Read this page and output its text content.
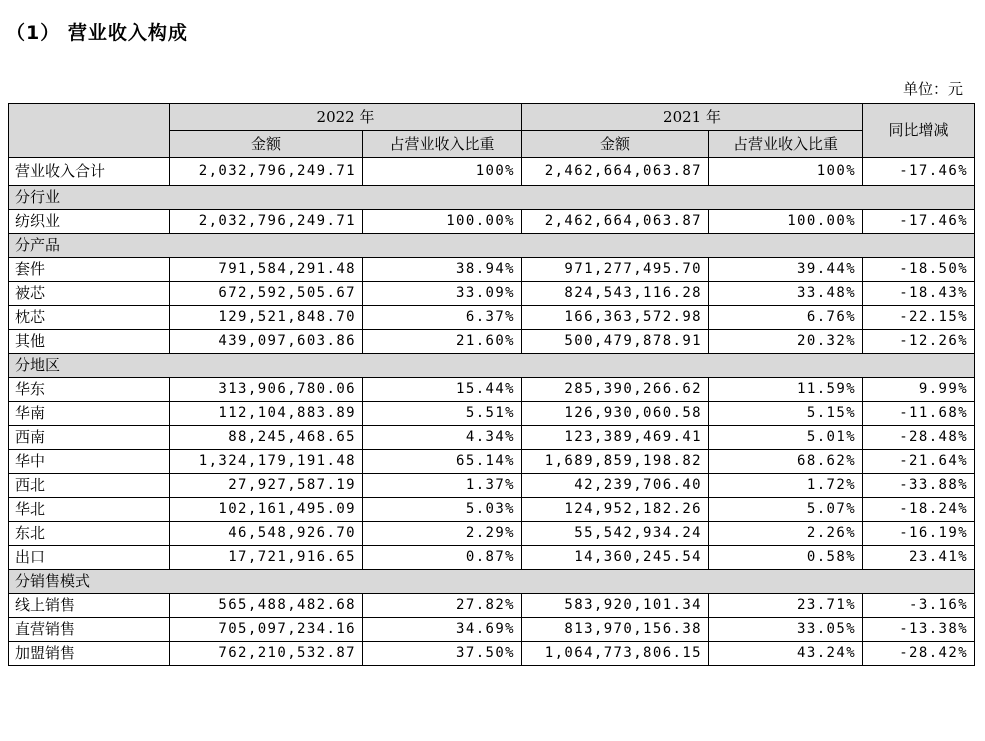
（1） 营业收入构成
单位：元
	2022 年		2021 年		同比增减
	金额	占营业收入比重	金额	占营业收入比重	
营业收入合计	2,032,796,249.71	100%	2,462,664,063.87	100%	-17.46%
分行业					
纺织业	2,032,796,249.71	100.00%	2,462,664,063.87	100.00%	-17.46%
分产品					
套件	791,584,291.48	38.94%	971,277,495.70	39.44%	-18.50%
被芯	672,592,505.67	33.09%	824,543,116.28	33.48%	-18.43%
枕芯	129,521,848.70	6.37%	166,363,572.98	6.76%	-22.15%
其他	439,097,603.86	21.60%	500,479,878.91	20.32%	-12.26%
分地区					
华东	313,906,780.06	15.44%	285,390,266.62	11.59%	9.99%
华南	112,104,883.89	5.51%	126,930,060.58	5.15%	-11.68%
西南	88,245,468.65	4.34%	123,389,469.41	5.01%	-28.48%
华中	1,324,179,191.48	65.14%	1,689,859,198.82	68.62%	-21.64%
西北	27,927,587.19	1.37%	42,239,706.40	1.72%	-33.88%
华北	102,161,495.09	5.03%	124,952,182.26	5.07%	-18.24%
东北	46,548,926.70	2.29%	55,542,934.24	2.26%	-16.19%
出口	17,721,916.65	0.87%	14,360,245.54	0.58%	23.41%
分销售模式					
线上销售	565,488,482.68	27.82%	583,920,101.34	23.71%	-3.16%
直营销售	705,097,234.16	34.69%	813,970,156.38	33.05%	-13.38%
加盟销售	762,210,532.87	37.50%	1,064,773,806.15	43.24%	-28.42%
